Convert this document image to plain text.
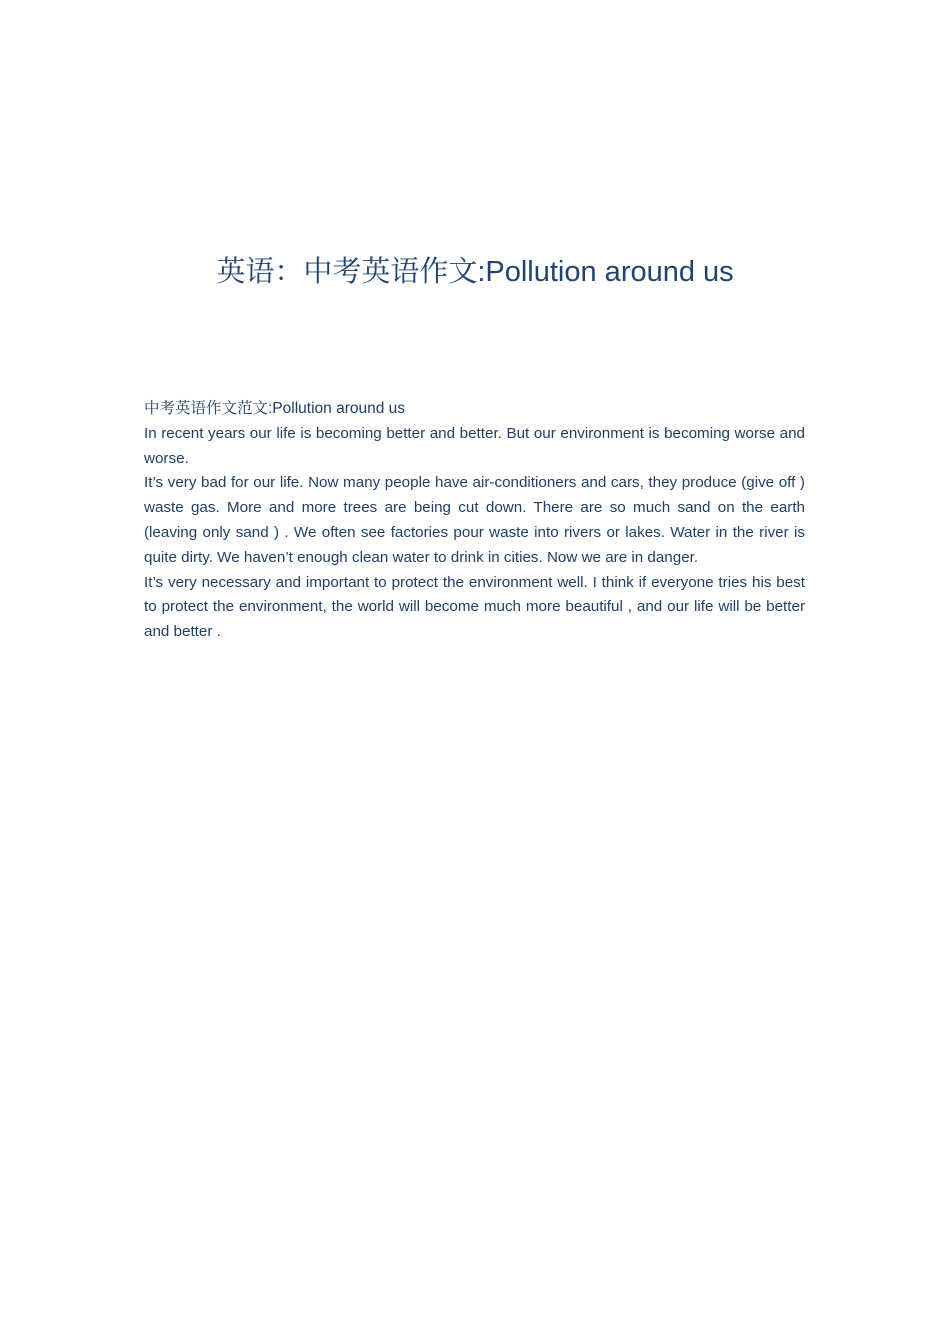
英语：中考英语作文:Pollution around us

中考英语作文范文:Pollution around us

In recent years our life is becoming better and better. But our environment is becoming worse and worse.

It’s very bad for our life. Now many people have air-conditioners and cars, they produce (give off ) waste gas. More and more trees are being cut down. There are so much sand on the earth (leaving only sand ) . We often see factories pour waste into rivers or lakes. Water in the river is quite dirty. We haven’t enough clean water to drink in cities. Now we are in danger.

It’s very necessary and important to protect the environment well. I think if everyone tries his best to protect the environment, the world will become much more beautiful , and our life will be better and better .
